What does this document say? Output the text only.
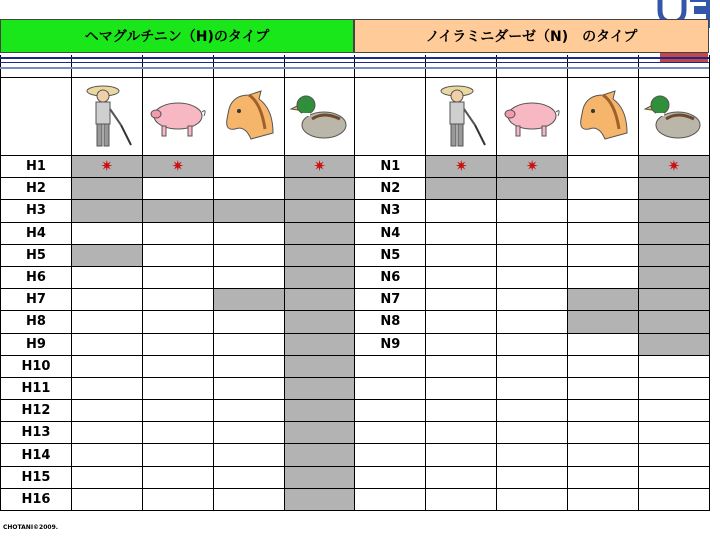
ヘマグルチニン（H)のタイプ	ノイラミニダーゼ（N)　のタイプ

H1	✷	✷		✷	N1	✷	✷		✷
H2					N2				
H3					N3				
H4					N4				
H5					N5				
H6					N6				
H7					N7				
H8					N8				
H9					N9				
H10									
H11									
H12									
H13									
H14									
H15									
H16									
CHOTANI©2009.
